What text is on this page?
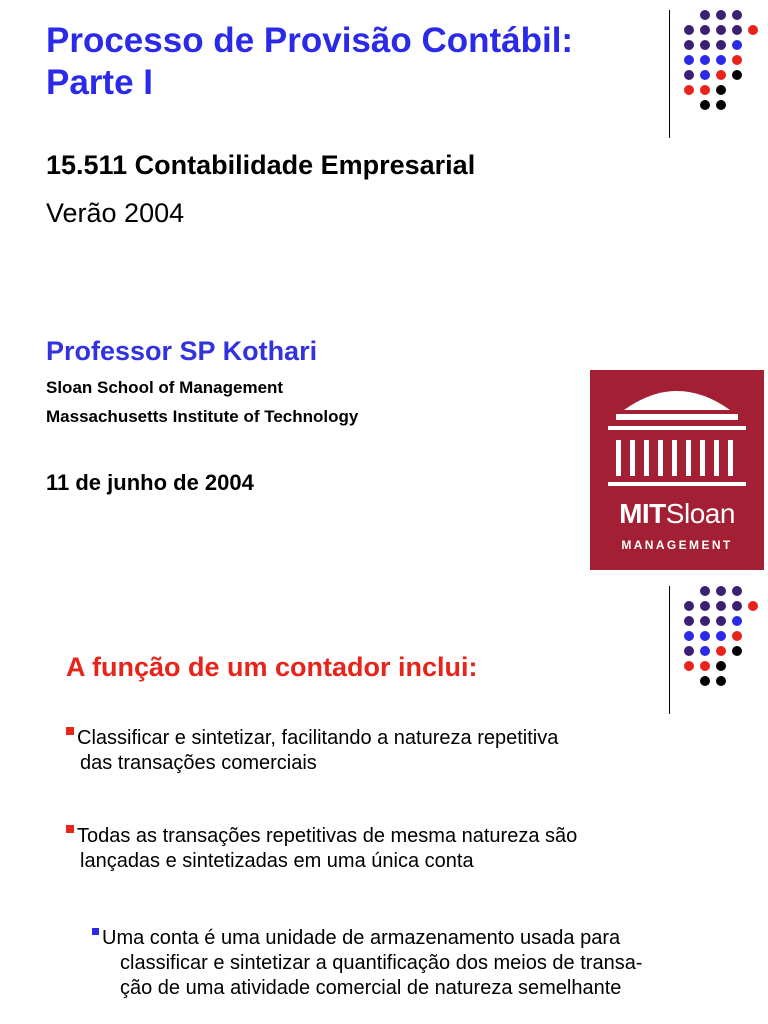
Processo de Provisão Contábil:
Parte I
15.511 Contabilidade Empresarial
Verão 2004
Professor SP Kothari
Sloan School of Management
Massachusetts Institute of Technology
11 de junho de 2004
MITSloan
MANAGEMENT
A função de um contador inclui:
Classificar e sintetizar, facilitando a natureza repetitiva
das transações comerciais
Todas as transações repetitivas de mesma natureza são
lançadas e sintetizadas em uma única conta
Uma conta é uma unidade de armazenamento usada para
classificar e sintetizar a quantificação dos meios de transa-
ção de uma atividade comercial de natureza semelhante
